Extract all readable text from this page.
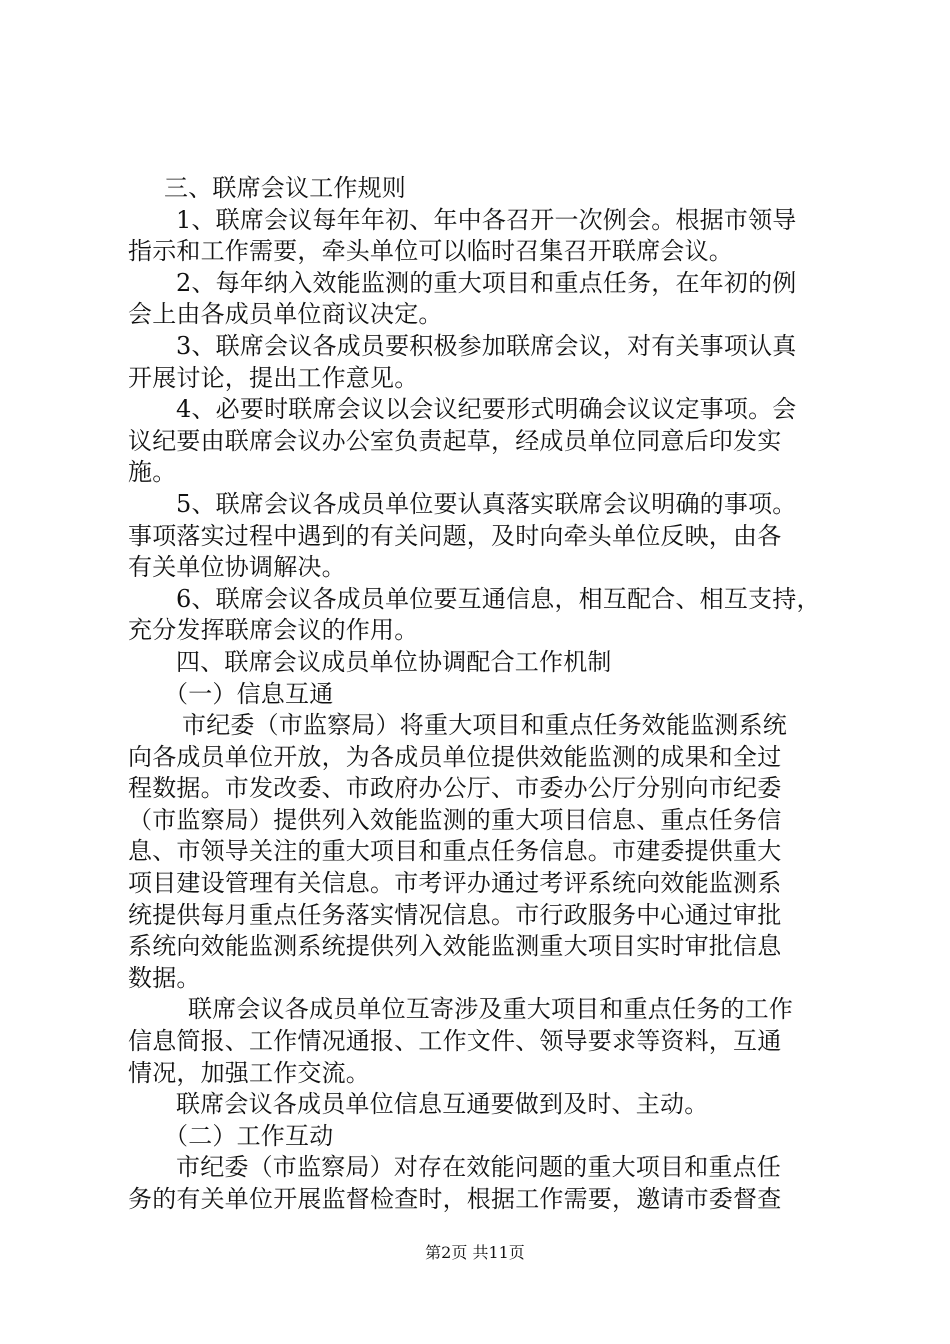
三、联席会议工作规则
1、联席会议每年年初、年中各召开一次例会。根据市领导
指示和工作需要，牵头单位可以临时召集召开联席会议。
2、每年纳入效能监测的重大项目和重点任务，在年初的例
会上由各成员单位商议决定。
3、联席会议各成员要积极参加联席会议，对有关事项认真
开展讨论，提出工作意见。
4、必要时联席会议以会议纪要形式明确会议议定事项。会
议纪要由联席会议办公室负责起草，经成员单位同意后印发实
施。
5、联席会议各成员单位要认真落实联席会议明确的事项。
事项落实过程中遇到的有关问题，及时向牵头单位反映，由各
有关单位协调解决。
6、联席会议各成员单位要互通信息，相互配合、相互支持，
充分发挥联席会议的作用。
四、联席会议成员单位协调配合工作机制
（一）信息互通
市纪委（市监察局）将重大项目和重点任务效能监测系统
向各成员单位开放，为各成员单位提供效能监测的成果和全过
程数据。市发改委、市政府办公厅、市委办公厅分别向市纪委
（市监察局）提供列入效能监测的重大项目信息、重点任务信
息、市领导关注的重大项目和重点任务信息。市建委提供重大
项目建设管理有关信息。市考评办通过考评系统向效能监测系
统提供每月重点任务落实情况信息。市行政服务中心通过审批
系统向效能监测系统提供列入效能监测重大项目实时审批信息
数据。
联席会议各成员单位互寄涉及重大项目和重点任务的工作
信息简报、工作情况通报、工作文件、领导要求等资料，互通
情况，加强工作交流。
联席会议各成员单位信息互通要做到及时、主动。
（二）工作互动
市纪委（市监察局）对存在效能问题的重大项目和重点任
务的有关单位开展监督检查时，根据工作需要，邀请市委督查
第2页 共11页
